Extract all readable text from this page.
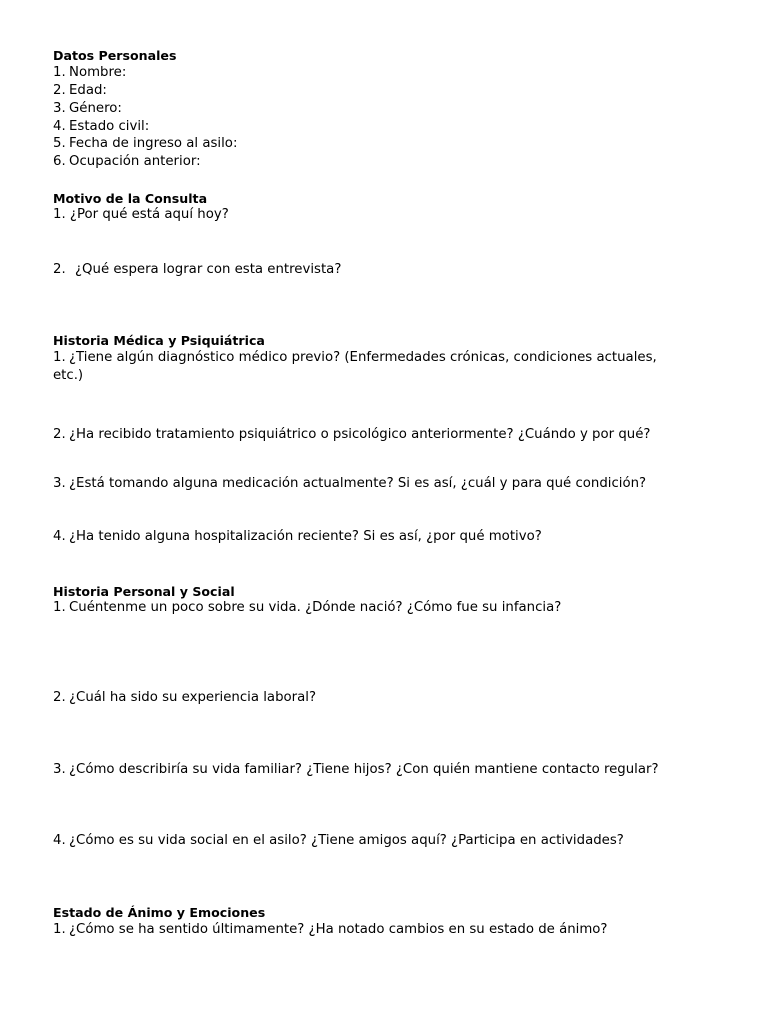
Datos Personales
1. Nombre:
2. Edad:
3. Género:
4. Estado civil:
5. Fecha de ingreso al asilo:
6. Ocupación anterior:
Motivo de la Consulta
1. ¿Por qué está aquí hoy?
2. ¿Qué espera lograr con esta entrevista?
Historia Médica y Psiquiátrica
1. ¿Tiene algún diagnóstico médico previo? (Enfermedades crónicas, condiciones actuales,
etc.)
2. ¿Ha recibido tratamiento psiquiátrico o psicológico anteriormente? ¿Cuándo y por qué?
3. ¿Está tomando alguna medicación actualmente? Si es así, ¿cuál y para qué condición?
4. ¿Ha tenido alguna hospitalización reciente? Si es así, ¿por qué motivo?
Historia Personal y Social
1. Cuéntenme un poco sobre su vida. ¿Dónde nació? ¿Cómo fue su infancia?
2. ¿Cuál ha sido su experiencia laboral?
3. ¿Cómo describiría su vida familiar? ¿Tiene hijos? ¿Con quién mantiene contacto regular?
4. ¿Cómo es su vida social en el asilo? ¿Tiene amigos aquí? ¿Participa en actividades?
Estado de Ánimo y Emociones
1. ¿Cómo se ha sentido últimamente? ¿Ha notado cambios en su estado de ánimo?
